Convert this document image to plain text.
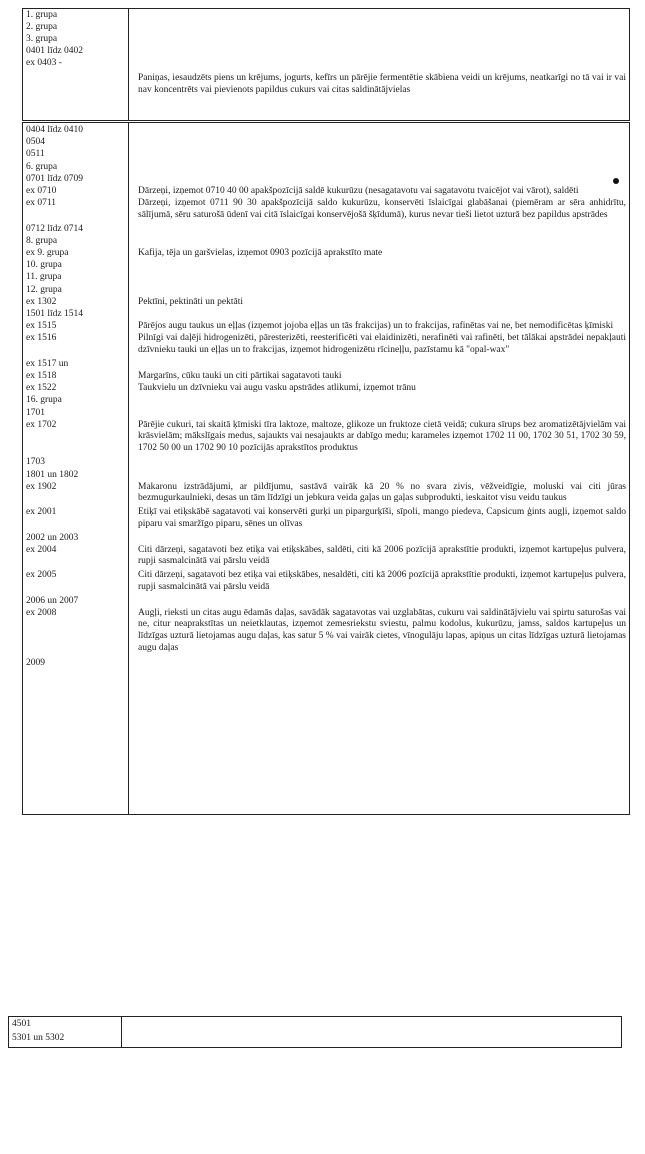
1. grupa
2. grupa
3. grupa
0401 līdz 0402
ex 0403 -
Paniņas, iesaudzēts piens un krējums, jogurts, kefīrs un pārējie fermentētie skābiena veidi un krējums, neatkarīgi no tā vai ir vai nav koncentrēts vai pievienots papildus cukurs vai citas saldinātājvielas
0404 līdz 0410
0504
0511
6. grupa
0701 līdz 0709
ex 0710
ex 0711
0712 līdz 0714
8. grupa
ex 9. grupa
10. grupa
11. grupa
12. grupa
ex 1302
1501 līdz 1514
ex 1515
ex 1516
ex 1517 un
ex 1518
ex 1522
16. grupa
1701
ex 1702
1703
1801 un 1802
ex 1902
ex 2001
2002 un 2003
ex 2004
ex 2005
2006 un 2007
ex 2008
2009
Dārzeņi, izņemot 0710 40 00 apakšpozīcijā saldē kukurūzu (nesagatavotu vai sagatavotu tvaicējot vai vārot), saldēti
Dārzeņi, izņemot 0711 90 30 apakšpozīcijā saldo kukurūzu, konservēti īslaicīgai glabāšanai (piemēram ar sēra anhidrītu, sālījumā, sēru saturošā ūdenī vai citā īslaicīgai konservējošā šķīdumā), kurus nevar tieši lietot uzturā bez papildus apstrādes
Kafija, tēja un garšvielas, izņemot 0903 pozīcijā aprakstīto mate
Pektīni, pektināti un pektāti
Pārējos augu taukus un eļļas (izņemot jojoba eļļas un tās frakcijas) un to frakcijas, rafinētas vai ne, bet nemodificētas ķīmiski
Pilnīgi vai daļēji hidrogenizēti, pāresterizēti, reesterificēti vai elaidinizēti, nerafinēti vai rafinēti, bet tālākai apstrādei nepakļauti dzīvnieku tauki un eļļas un to frakcijas, izņemot hidrogenizētu rīcineļļu, pazīstamu kā "opal-wax"
Margarīns, cūku tauki un citi pārtikai sagatavoti tauki
Taukvielu un dzīvnieku vai augu vasku apstrādes atlikumi, izņemot trānu
Pārējie cukuri, tai skaitā ķīmiski tīra laktoze, maltoze, glikoze un fruktoze cietā veidā; cukura sīrups bez aromatizētājvielām vai krāsvielām; mākslīgais medus, sajaukts vai nesajaukts ar dabīgo medu; karameles izņemot 1702 11 00, 1702 30 51, 1702 30 59, 1702 50 00 un 1702 90 10 pozīcijās aprakstītos produktus
Makaronu izstrādājumi, ar pildījumu, sastāvā vairāk kā 20 % no svara zivis, vēžveidīgie, moluski vai citi jūras bezmugurkaulnieki, desas un tām līdzīgi un jebkura veida gaļas un gaļas subprodukti, ieskaitot visu veidu taukus
Etiķī vai etiķskābē sagatavoti vai konservēti gurķi un pipargurķīši, sīpoli, mango piedeva, Capsicum ģints augļi, izņemot saldo piparu vai smaržīgo piparu, sēnes un olīvas
Citi dārzeņi, sagatavoti bez etiķa vai etiķskābes, saldēti, citi kā 2006 pozīcijā aprakstītie produkti, izņemot kartupeļus pulvera, rupji sasmalcinātā vai pārslu veidā
Citi dārzeņi, sagatavoti bez etiķa vai etiķskābes, nesaldēti, citi kā 2006 pozīcijā aprakstītie produkti, izņemot kartupeļus pulvera, rupji sasmalcinātā vai pārslu veidā
Augļi, rieksti un citas augu ēdamās daļas, savādāk sagatavotas vai uzglabātas, cukuru vai saldinātājvielu vai spirtu saturošas vai ne, citur neaprakstītas un neietklautas, izņemot zemesriekstu sviestu, palmu kodolus, kukurūzu, jamss, saldos kartupeļus un līdzīgas uzturā lietojamas augu daļas, kas satur 5 % vai vairāk cietes, vīnogulāju lapas, apiņus un citas līdzīgas uzturā lietojamas augu daļas
4501
5301 un 5302
